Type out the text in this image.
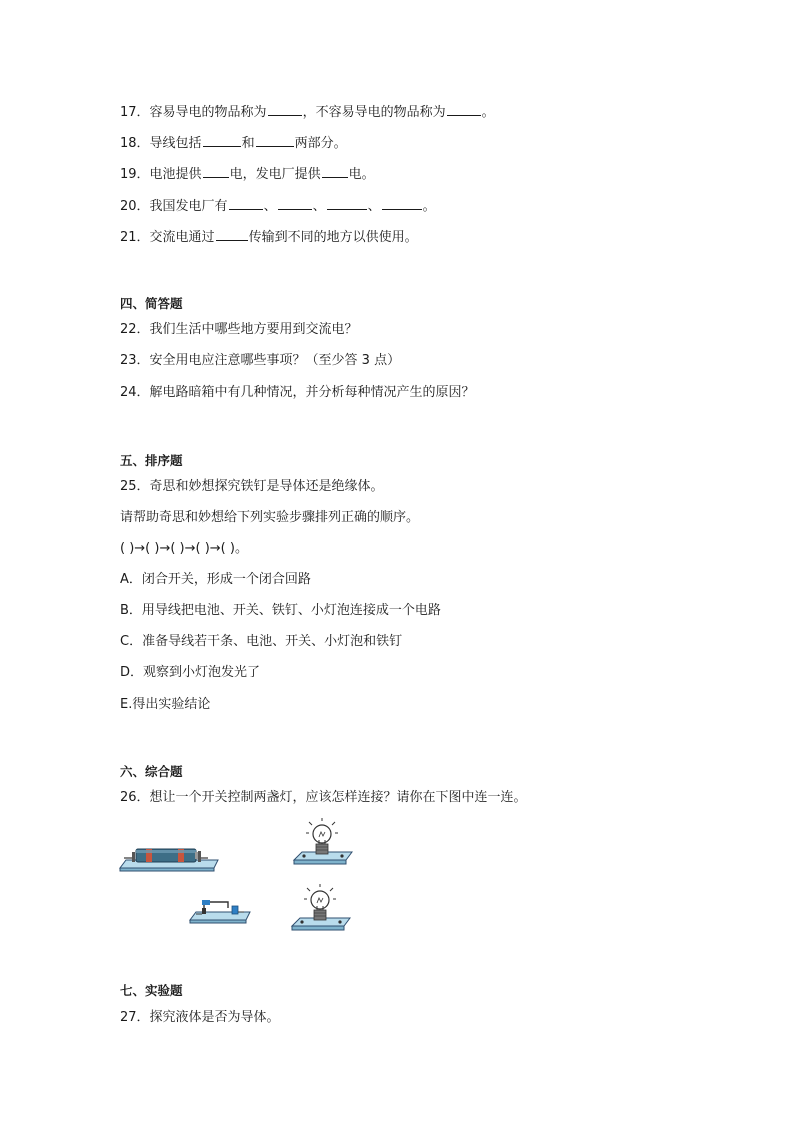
17．容易导电的物品称为	，不容易导电的物品称为	。
18．导线包括	和	两部分。
19．电池提供 电，发电厂提供 电。
20．我国发电厂有	、	、	、	。
21．交流电通过	传输到不同的地方以供使用。
四、简答题
22．我们生活中哪些地方要用到交流电？
23．安全用电应注意哪些事项？（至少答 3 点）
24．解电路暗箱中有几种情况，并分析每种情况产生的原因？
五、排序题
25．奇思和妙想探究铁钉是导体还是绝缘体。
请帮助奇思和妙想给下列实验步骤排列正确的顺序。
( )→( )→( )→( )→( )。
A．闭合开关，形成一个闭合回路
B．用导线把电池、开关、铁钉、小灯泡连接成一个电路
C．准备导线若干条、电池、开关、小灯泡和铁钉
D．观察到小灯泡发光了
E.得出实验结论
六、综合题
26．想让一个开关控制两盏灯，应该怎样连接？请你在下图中连一连。
七、实验题
27．探究液体是否为导体。
